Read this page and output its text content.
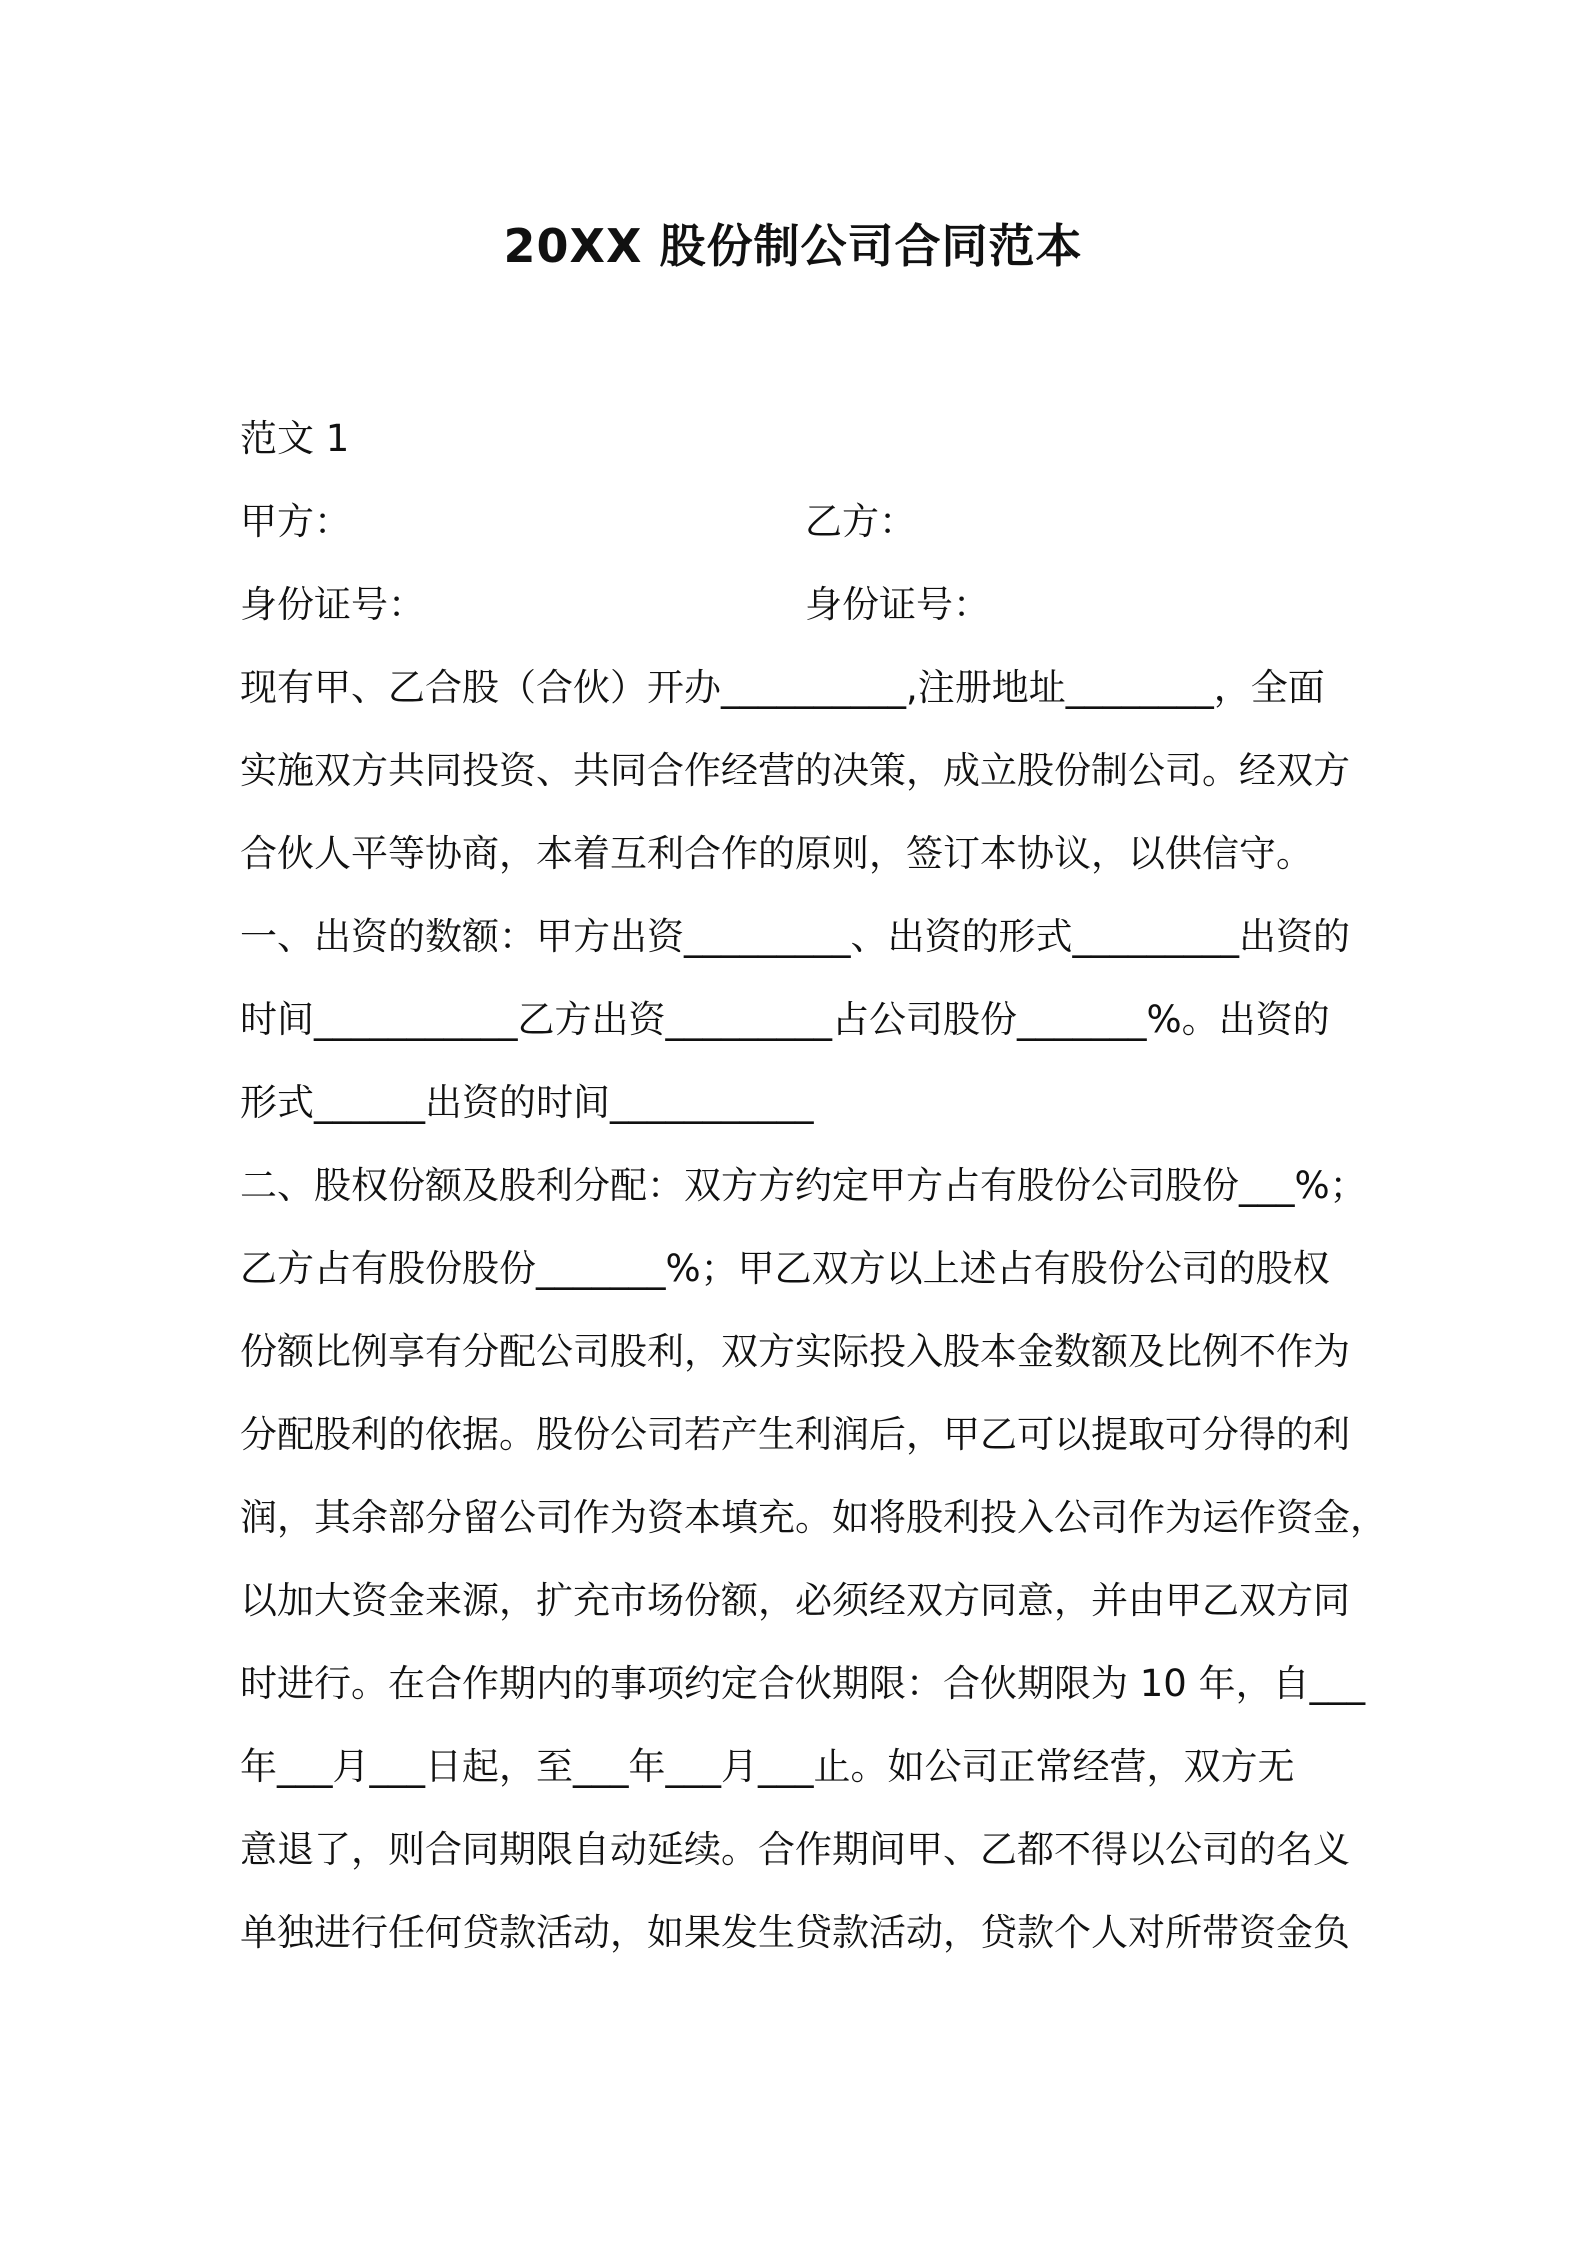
20XX 股份制公司合同范本
范文 1
甲方：	乙方：
身份证号：	身份证号：
现有甲、乙合股（合伙）开办__________,注册地址________，全面
实施双方共同投资、共同合作经营的决策，成立股份制公司。经双方
合伙人平等协商，本着互利合作的原则，签订本协议，以供信守。
一、出资的数额：甲方出资_________、出资的形式_________出资的
时间___________乙方出资_________占公司股份_______%。出资的
形式______出资的时间___________
二、股权份额及股利分配：双方方约定甲方占有股份公司股份___%；
乙方占有股份股份_______%；甲乙双方以上述占有股份公司的股权
份额比例享有分配公司股利，双方实际投入股本金数额及比例不作为
分配股利的依据。股份公司若产生利润后，甲乙可以提取可分得的利
润，其余部分留公司作为资本填充。如将股利投入公司作为运作资金，
以加大资金来源，扩充市场份额，必须经双方同意，并由甲乙双方同
时进行。在合作期内的事项约定合伙期限：合伙期限为 10 年，自___
年___月___日起，至___年___月___止。如公司正常经营，双方无
意退了，则合同期限自动延续。合作期间甲、乙都不得以公司的名义
单独进行任何贷款活动，如果发生贷款活动，贷款个人对所带资金负
